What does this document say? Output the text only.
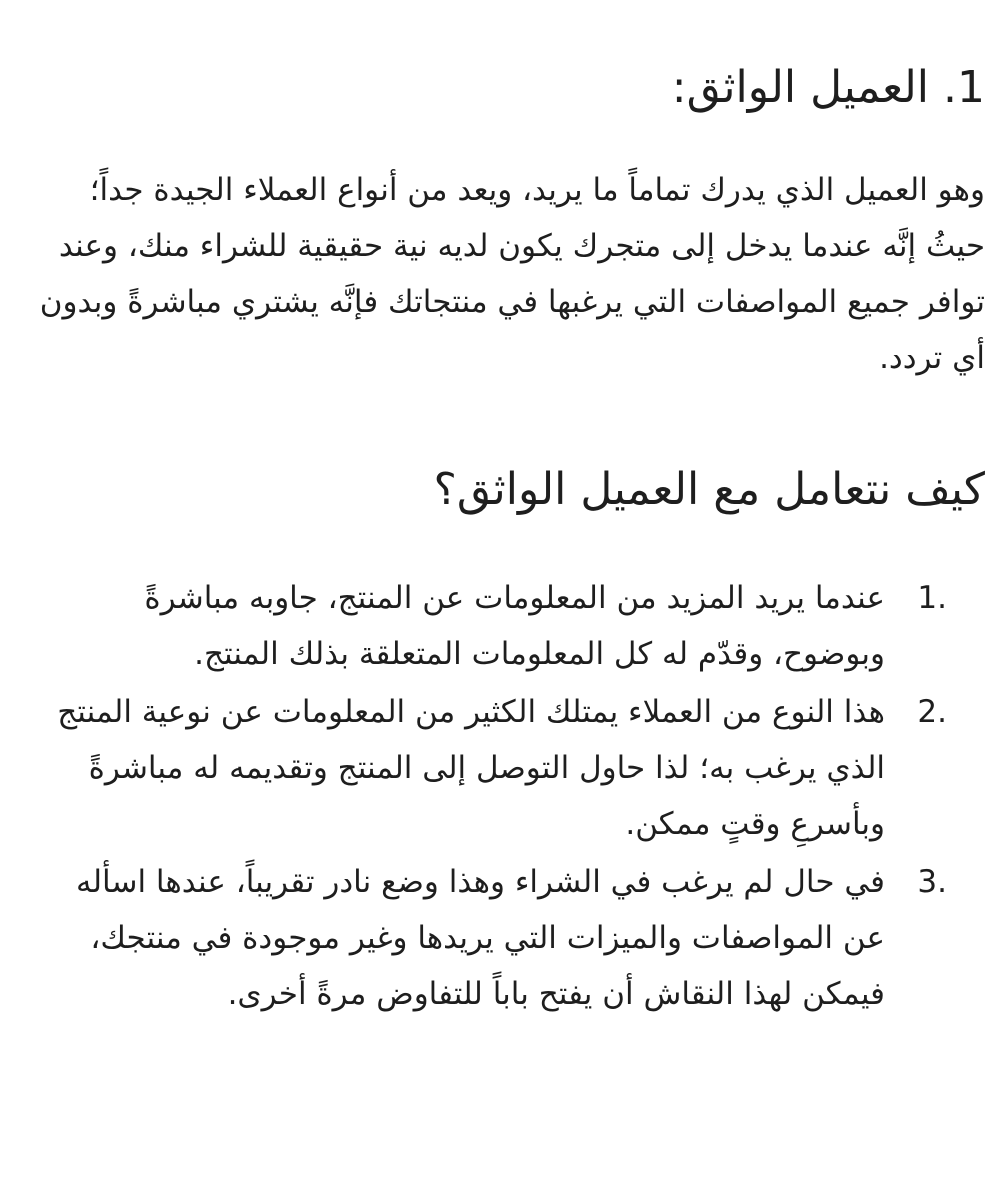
1. العميل الواثق:

وهو العميل الذي يدرك تماماً ما يريد، ويعد من أنواع العملاء الجيدة جداً؛ حيثُ إنَّه عندما يدخل إلى متجرك يكون لديه نية حقيقية للشراء منك، وعند توافر جميع المواصفات التي يرغبها في منتجاتك فإنَّه يشتري مباشرةً وبدون أي تردد.

كيف نتعامل مع العميل الواثق؟
1.
عندما يريد المزيد من المعلومات عن المنتج، جاوبه مباشرةً وبوضوح، وقدّم له كل المعلومات المتعلقة بذلك المنتج.
2.
هذا النوع من العملاء يمتلك الكثير من المعلومات عن نوعية المنتج الذي يرغب به؛ لذا حاول التوصل إلى المنتج وتقديمه له مباشرةً وبأسرعِ وقتٍ ممكن.
3.
في حال لم يرغب في الشراء وهذا وضع نادر تقريباً، عندها اسأله عن المواصفات والميزات التي يريدها وغير موجودة في منتجك، فيمكن لهذا النقاش أن يفتح باباً للتفاوض مرةً أخرى.
